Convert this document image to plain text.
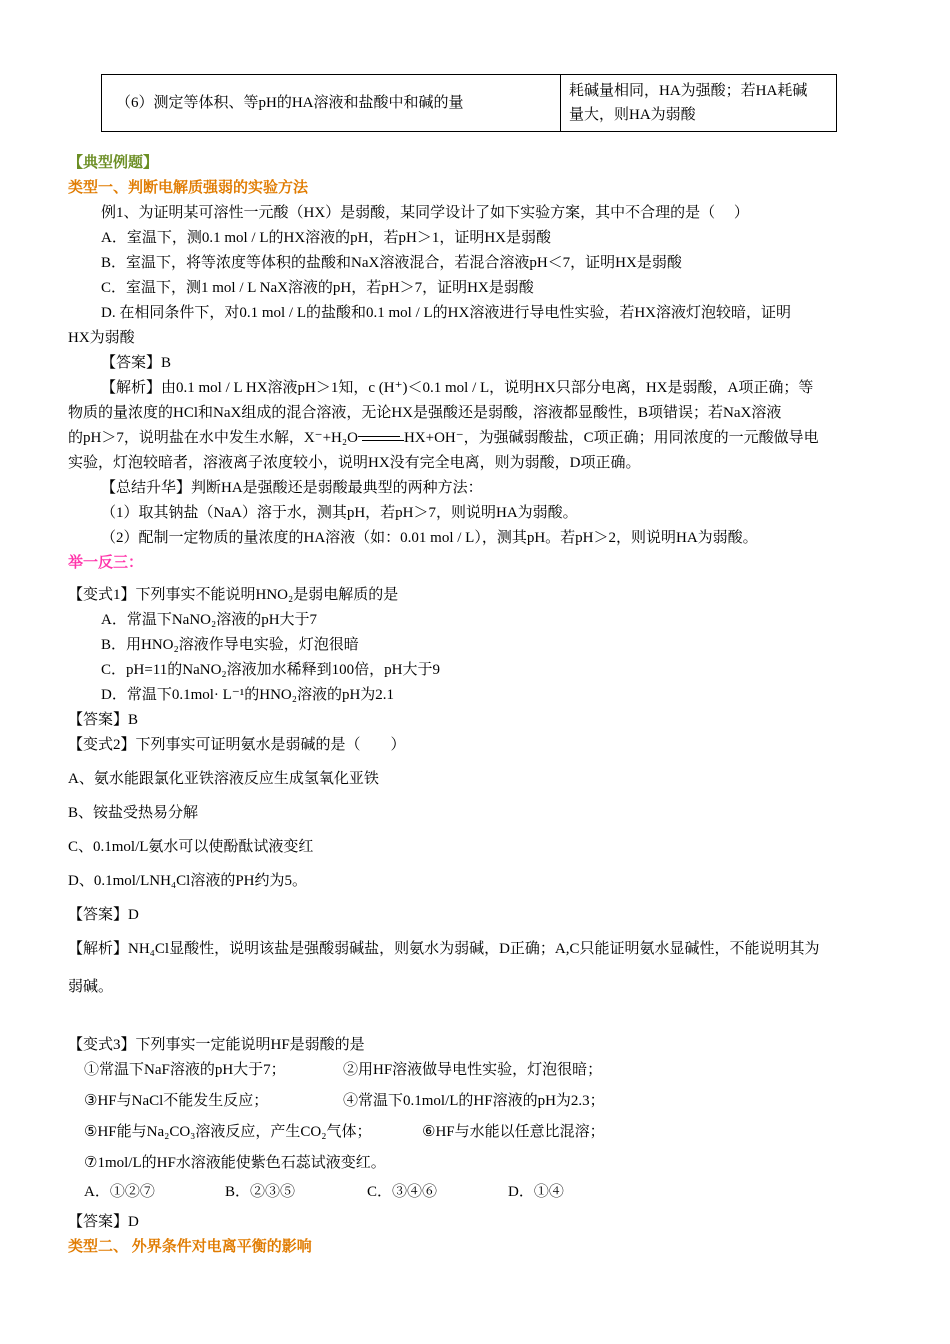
（6）测定等体积、等pH的HA溶液和盐酸中和碱的量	
耗碱量相同，HA为强酸；若HA耗碱
量大，则HA为弱酸
【典型例题】
类型一、判断电解质强弱的实验方法
例1、为证明某可溶性一元酸（HX）是弱酸，某同学设计了如下实验方案，其中不合理的是（　 ）
A．室温下，测0.1 mol / L的HX溶液的pH，若pH＞1，证明HX是弱酸
B．室温下，将等浓度等体积的盐酸和NaX溶液混合，若混合溶液pH＜7，证明HX是弱酸
C．室温下，测1 mol / L NaX溶液的pH，若pH＞7，证明HX是弱酸
D. 在相同条件下，对0.1 mol / L的盐酸和0.1 mol / L的HX溶液进行导电性实验，若HX溶液灯泡较暗，证明
HX为弱酸
【答案】B
【解析】由0.1 mol / L HX溶液pH＞1知，c (H⁺)＜0.1 mol / L，说明HX只部分电离，HX是弱酸，A项正确；等
物质的量浓度的HCl和NaX组成的混合溶液，无论HX是强酸还是弱酸，溶液都显酸性，B项错误；若NaX溶液
的pH＞7，说明盐在水中发生水解，X⁻+H₂O	HX+OH⁻，为强碱弱酸盐，C项正确；用同浓度的一元酸做导电
实验，灯泡较暗者，溶液离子浓度较小，说明HX没有完全电离，则为弱酸，D项正确。
【总结升华】判断HA是强酸还是弱酸最典型的两种方法：
（1）取其钠盐（NaA）溶于水，测其pH，若pH＞7，则说明HA为弱酸。
（2）配制一定物质的量浓度的HA溶液（如：0.01 mol / L），测其pH。若pH＞2，则说明HA为弱酸。
举一反三：
【变式1】下列事实不能说明HNO₂是弱电解质的是
A．常温下NaNO₂溶液的pH大于7
B．用HNO₂溶液作导电实验，灯泡很暗
C．pH=11的NaNO₂溶液加水稀释到100倍，pH大于9
D．常温下0.1mol· L⁻¹的HNO₂溶液的pH为2.1
【答案】B
【变式2】下列事实可证明氨水是弱碱的是（　　）
A、氨水能跟氯化亚铁溶液反应生成氢氧化亚铁
B、铵盐受热易分解
C、0.1mol/L氨水可以使酚酞试液变红
D、0.1mol/LNH₄Cl溶液的PH约为5。
【答案】D
【解析】NH₄Cl显酸性，说明该盐是强酸弱碱盐，则氨水为弱碱，D正确；A,C只能证明氨水显碱性，不能说明其为
弱碱。
【变式3】下列事实一定能说明HF是弱酸的是
①常温下NaF溶液的pH大于7；	②用HF溶液做导电性实验，灯泡很暗；
③HF与NaCl不能发生反应；	④常温下0.1mol/L的HF溶液的pH为2.3；
⑤HF能与Na₂CO₃溶液反应，产生CO₂气体；	⑥HF与水能以任意比混溶；
⑦1mol/L的HF水溶液能使紫色石蕊试液变红。
A．①②⑦	B．②③⑤	C．③④⑥	D．①④
【答案】D
类型二、 外界条件对电离平衡的影响
